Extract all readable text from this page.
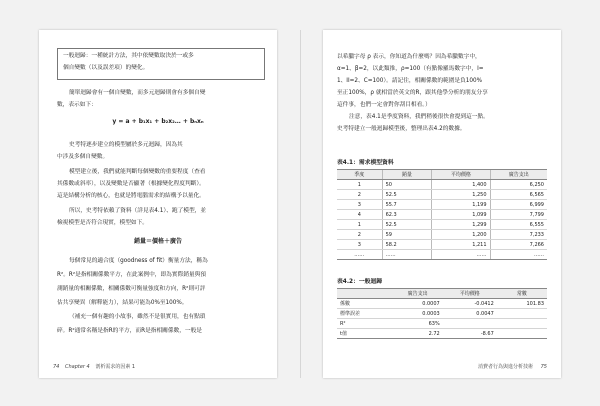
一般迴歸：一種統計方法，其中依變數取決於一或多
個自變數（以及誤差項）的變化。
簡單迴歸會有一個自變數，而多元迴歸則會有多個自變
數，表示如下：
y = a + b₁x₁ + b₂x₂… + bₙxₙ
史考特逐步建立的模型屬於多元迴歸，因為其
中涉及多個自變數。
模型建立後，我們就能判斷每個變數的重要程度（查看
其係數或斜率），以及變數是否顯著（根據變化程度判斷）。
這是結構分析的核心，也就是將電腦需求的結構予以量化。
所以，史考特依賴了資料（詳見表4.1）、跑了模型，並
檢視模型是否符合現實，模型如下。
銷量＝價格＋廣告
每個常見的適合度（goodness of fit）衡量方法，稱為
R²。R²是指相關係數平方，在此案例中，即為實際銷量與預
測銷量的相關係數，相關係數可衡量強度和方向，R²則可評
估共享變異（解釋能力），結果可能為0%至100%。
（補充一個有趣的小故事，雖然不是很實用，也有點瑣
碎。R²通常名稱是指R的平方，而R是指相關係數，一般是
74 Chapter 4 剖析需求的因素 1
以希臘字母 ρ 表示，你知道為什麼嗎？因為希臘數字中，
α=1、β=2，以此類推，ρ=100（有點像羅馬數字中，I=
1、II=2、C=100）。請記住，相關係數的範圍是負100%
至正100%，ρ 就相當於英文的R，跟其他學分析的朋友分享
這件事，也們一定會對你刮目相看。）
注意，表4.1是季度資料，我們稍後很快會提到這一點。
史考特建立一般迴歸模型後，整理出表4.2的數據。
表4.1：需求模型資料
季度	銷量	平均價格	廣告支出
1	50	1,400	6,250
2	52.5	1,250	6,565
3	55.7	1,199	6,999
4	62.3	1,099	7,799
1	52.5	1,299	6,555
2	59	1,200	7,233
3	58.2	1,211	7,266
……	……	……	……
表4.2：一般迴歸
	廣告支出	平均價格	常數
係數	0.0007	-0.0412	101.83
標準誤差	0.0003	0.0047	
R²	63%		
t值	2.72	-8.67	
消費者行為與進分析技術 75
